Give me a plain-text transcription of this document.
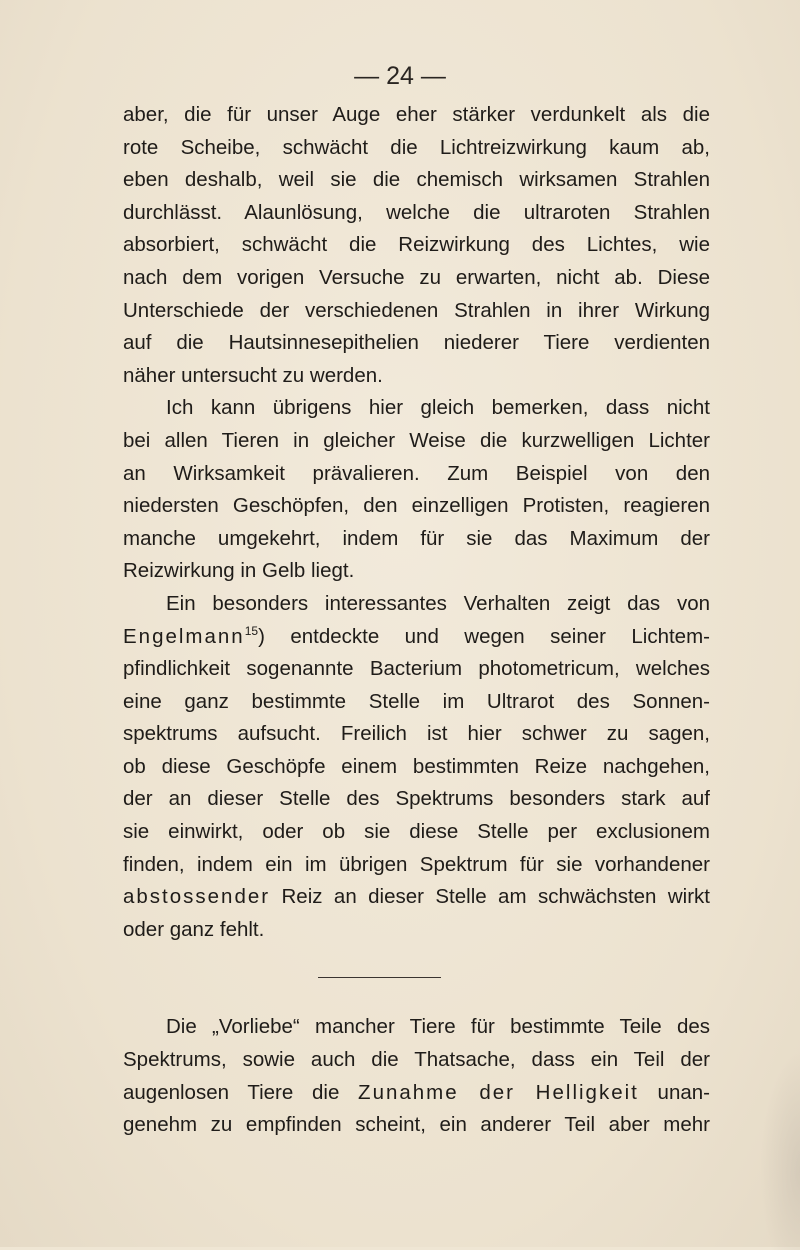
— 24 —
aber, die für unser Auge eher stärker verdunkelt als die
rote Scheibe, schwächt die Lichtreizwirkung kaum ab,
eben deshalb, weil sie die chemisch wirksamen Strahlen
durchlässt. Alaunlösung, welche die ultraroten Strahlen
absorbiert, schwächt die Reizwirkung des Lichtes, wie
nach dem vorigen Versuche zu erwarten, nicht ab. Diese
Unterschiede der verschiedenen Strahlen in ihrer Wirkung
auf die Hautsinnesepithelien niederer Tiere verdienten
näher untersucht zu werden.
Ich kann übrigens hier gleich bemerken, dass nicht
bei allen Tieren in gleicher Weise die kurzwelligen Lichter
an Wirksamkeit prävalieren. Zum Beispiel von den
niedersten Geschöpfen, den einzelligen Protisten, reagieren
manche umgekehrt, indem für sie das Maximum der
Reizwirkung in Gelb liegt.
Ein besonders interessantes Verhalten zeigt das von
Engelmann$^{15}$) entdeckte und wegen seiner Lichtem-
pfindlichkeit sogenannte Bacterium photometricum, welches
eine ganz bestimmte Stelle im Ultrarot des Sonnen-
spektrums aufsucht. Freilich ist hier schwer zu sagen,
ob diese Geschöpfe einem bestimmten Reize nachgehen,
der an dieser Stelle des Spektrums besonders stark auf
sie einwirkt, oder ob sie diese Stelle per exclusionem
finden, indem ein im übrigen Spektrum für sie vorhandener
abstossender Reiz an dieser Stelle am schwächsten wirkt
oder ganz fehlt.
Die „Vorliebe“ mancher Tiere für bestimmte Teile des
Spektrums, sowie auch die Thatsache, dass ein Teil der
augenlosen Tiere die Zunahme der Helligkeit unan-
genehm zu empfinden scheint, ein anderer Teil aber mehr
